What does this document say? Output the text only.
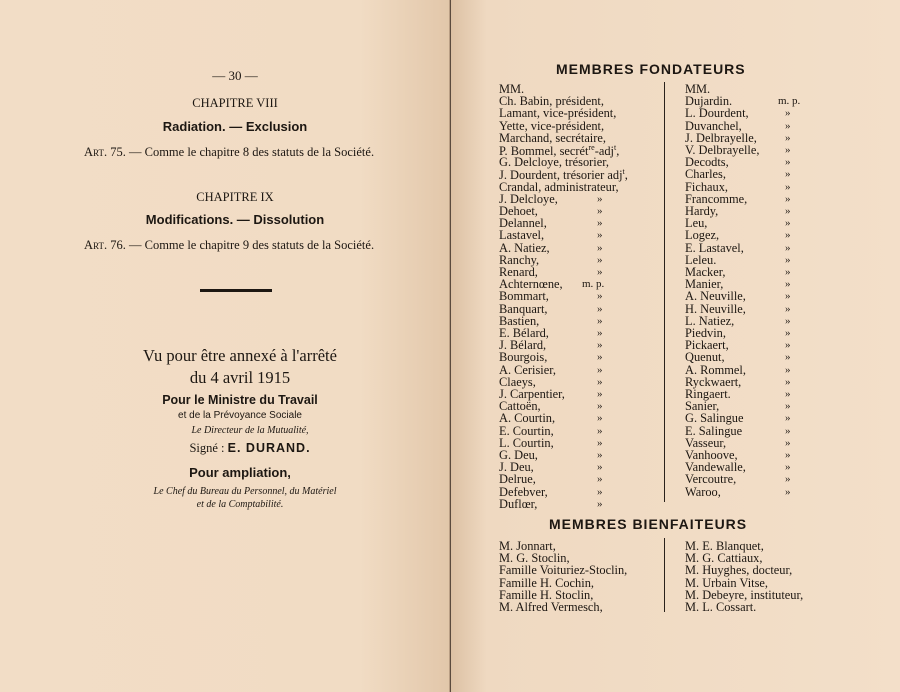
— 30 —
CHAPITRE VIII
Radiation. — Exclusion
Art. 75. — Comme le chapitre 8 des statuts de la Société.
CHAPITRE IX
Modifications. — Dissolution
Art. 76. — Comme le chapitre 9 des statuts de la Société.
Vu pour être annexé à l'arrêté
du 4 avril 1915
Pour le Ministre du Travail
et de la Prévoyance Sociale
Le Directeur de la Mutualité,
Signé : E. DURAND.
Pour ampliation,
Le Chef du Bureau du Personnel, du Matériel
et de la Comptabilité.
MEMBRES FONDATEURS
MM.
Ch. Babin, président,
Lamant, vice-président,
Yette, vice-président,
Marchand, secrétaire,
P. Bommel, secrét$^{re}$-adj$^t$,
G. Delcloye, trésorier,
J. Dourdent, trésorier adj$^t$,
Crandal, administrateur,
J. Delcloye,	»
Dehoet,	»
Delannel,	»
Lastavel,	»
A. Natiez,	»
Ranchy,	»
Renard,	»
Achternœne, m. p.
Bommart,	»
Banquart,	»
Bastien,	»
E. Bélard,	»
J. Bélard,	»
Bourgois,	»
A. Cerisier,	»
Claeys,	»
J. Carpentier,	»
Cattoën,	»
A. Courtin,	»
E. Courtin,	»
L. Courtin,	»
G. Deu,	»
J. Deu,	»
Delrue,	»
Defebver,	»
Duflœr,	»
MM.
Dujardin.	m. p.
L. Dourdent,	»
Duvanchel,	»
J. Delbrayelle,	»
V. Delbrayelle, »
Decodts,	»
Charles,	»
Fichaux,	»
Francomme,	»
Hardy,	»
Leu,	»
Logez,	»
E. Lastavel,	»
Leleu.	»
Macker,	»
Manier,	»
A. Neuville,	»
H. Neuville,	»
L. Natiez,	»
Piedvin,	»
Pickaert,	»
Quenut,	»
A. Rommel,	»
Ryckwaert,	»
Ringaert.	»
Sanier,	»
G. Salingue	»
E. Salingue	»
Vasseur,	»
Vanhoove,	»
Vandewalle,	»
Vercoutre,	»
Waroo,	»
MEMBRES BIENFAITEURS
M. Jonnart,
M. G. Stoclin,
Famille Voituriez-Stoclin,
Famille H. Cochin,
Famille H. Stoclin,
M. Alfred Vermesch,
M. E. Blanquet,
M. G. Cattiaux,
M. Huyghes, docteur,
M. Urbain Vitse,
M. Debeyre, instituteur,
M. L. Cossart.
